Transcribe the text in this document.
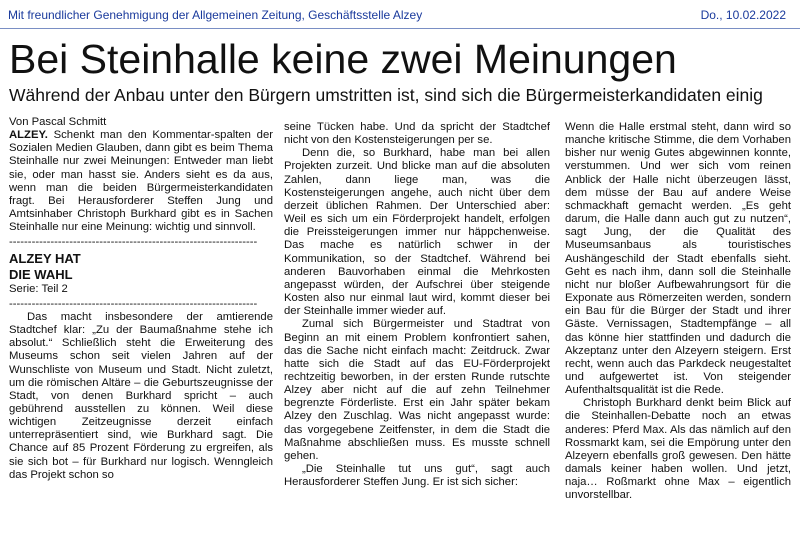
Mit freundlicher Genehmigung der Allgemeinen Zeitung, Geschäftsstelle Alzey	Do., 10.02.2022
Bei Steinhalle keine zwei Meinungen
Während der Anbau unter den Bürgern umstritten ist, sind sich die Bürgermeisterkandidaten einig

Von Pascal Schmitt

ALZEY. Schenkt man den Kommentar-spalten der Sozialen Medien Glauben, dann gibt es beim Thema Steinhalle nur zwei Meinungen: Entweder man liebt sie, oder man hasst sie. Anders sieht es da aus, wenn man die beiden Bürgermeisterkandidaten fragt. Bei Herausforderer Steffen Jung und Amtsinhaber Christoph Burkhard gibt es in Sachen Steinhalle nur eine Meinung: wichtig und sinnvoll.

------------------------------------------------------------------
ALZEY HAT
DIE WAHL

Serie: Teil 2

------------------------------------------------------------------

Das macht insbesondere der amtierende Stadtchef klar: „Zu der Baumaßnahme stehe ich absolut.“ Schließlich steht die Erweiterung des Museums schon seit vielen Jahren auf der Wunschliste von Museum und Stadt. Nicht zuletzt, um die römischen Altäre – die Geburtszeugnisse der Stadt, von denen Burkhard spricht – auch gebührend ausstellen zu können. Weil diese wichtigen Zeitzeugnisse derzeit einfach unterrepräsentiert sind, wie Burkhard sagt. Die Chance auf 85 Prozent Förderung zu ergreifen, als sie sich bot – für Burkhard nur logisch. Wenngleich das Projekt schon so

seine Tücken habe. Und da spricht der Stadtchef nicht von den Kostensteigerungen per se.

Denn die, so Burkhard, habe man bei allen Projekten zurzeit. Und blicke man auf die absoluten Zahlen, dann liege man, was die Kostensteigerungen angehe, auch nicht über dem derzeit üblichen Rahmen. Der Unterschied aber: Weil es sich um ein Förderprojekt handelt, erfolgen die Preissteigerungen immer nur häppchenweise. Das mache es natürlich schwer in der Kommunikation, so der Stadtchef. Während bei anderen Bauvorhaben einmal die Mehrkosten angepasst würden, der Aufschrei über steigende Kosten also nur einmal laut wird, kommt dieser bei der Steinhalle immer wieder auf.

Zumal sich Bürgermeister und Stadtrat von Beginn an mit einem Problem konfrontiert sahen, das die Sache nicht einfach macht: Zeitdruck. Zwar hatte sich die Stadt auf das EU-Förderprojekt rechtzeitig beworben, in der ersten Runde rutschte Alzey aber nicht auf die auf zehn Teilnehmer begrenzte Förderliste. Erst ein Jahr später bekam Alzey den Zuschlag. Was nicht angepasst wurde: das vorgegebene Zeitfenster, in dem die Stadt die Maßnahme abschließen muss. Es musste schnell gehen.

„Die Steinhalle tut uns gut“, sagt auch Herausforderer Steffen Jung. Er ist sich sicher:

Wenn die Halle erstmal steht, dann wird so manche kritische Stimme, die dem Vorhaben bisher nur wenig Gutes abgewinnen konnte, verstummen. Und wer sich vom reinen Anblick der Halle nicht überzeugen lässt, dem müsse der Bau auf andere Weise schmackhaft gemacht werden. „Es geht darum, die Halle dann auch gut zu nutzen“, sagt Jung, der die Qualität des Museumsanbaus als touristisches Aushängeschild der Stadt ebenfalls sieht. Geht es nach ihm, dann soll die Steinhalle nicht nur bloßer Aufbewahrungsort für die Exponate aus Römerzeiten werden, sondern ein Bau für die Bürger der Stadt und ihrer Gäste. Vernissagen, Stadtempfänge – all das könne hier stattfinden und dadurch die Akzeptanz unter den Alzeyern steigern. Erst recht, wenn auch das Parkdeck neugestaltet und aufgewertet ist. Von steigender Aufenthaltsqualität ist die Rede.

Christoph Burkhard denkt beim Blick auf die Steinhallen-Debatte noch an etwas anderes: Pferd Max. Als das nämlich auf den Rossmarkt kam, sei die Empörung unter den Alzeyern ebenfalls groß gewesen. Den hätte damals keiner haben wollen. Und jetzt, naja… Roßmarkt ohne Max – eigentlich unvorstellbar.
